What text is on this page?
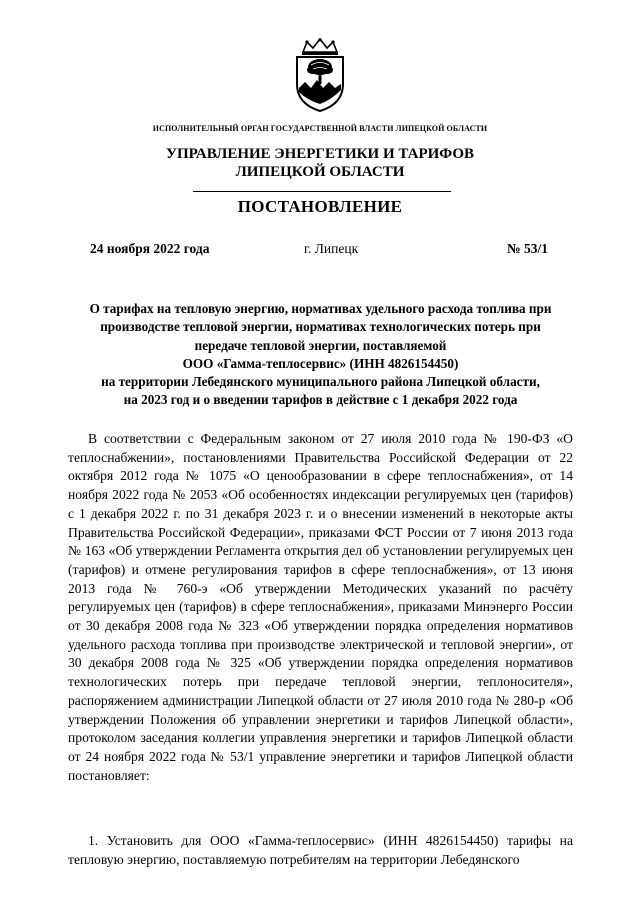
ИСПОЛНИТЕЛЬНЫЙ ОРГАН ГОСУДАРСТВЕННОЙ ВЛАСТИ ЛИПЕЦКОЙ ОБЛАСТИ
УПРАВЛЕНИЕ ЭНЕРГЕТИКИ И ТАРИФОВ
ЛИПЕЦКОЙ ОБЛАСТИ
ПОСТАНОВЛЕНИЕ
24 ноября 2022 года	г. Липецк	№ 53/1
О тарифах на тепловую энергию, нормативах удельного расхода топлива при
производстве тепловой энергии, нормативах технологических потерь при
передаче тепловой энергии, поставляемой
ООО «Гамма-теплосервис» (ИНН 4826154450)
на территории Лебедянского муниципального района Липецкой области,
на 2023 год и о введении тарифов в действие с 1 декабря 2022 года

В соответствии с Федеральным законом от 27 июля 2010 года № 190-ФЗ «О теплоснабжении», постановлениями Правительства Российской Федерации от 22 октября 2012 года № 1075 «О ценообразовании в сфере теплоснабжения», от 14 ноября 2022 года № 2053 «Об особенностях индексации регулируемых цен (тарифов) с 1 декабря 2022 г. по 31 декабря 2023 г. и о внесении изменений в некоторые акты Правительства Российской Федерации», приказами ФСТ России от 7 июня 2013 года № 163 «Об утверждении Регламента открытия дел об установлении регулируемых цен (тарифов) и отмене регулирования тарифов в сфере теплоснабжения», от 13 июня 2013 года № 760-э «Об утверждении Методических указаний по расчёту регулируемых цен (тарифов) в сфере теплоснабжения», приказами Минэнерго России от 30 декабря 2008 года № 323 «Об утверждении порядка определения нормативов удельного расхода топлива при производстве электрической и тепловой энергии», от 30 декабря 2008 года № 325 «Об утверждении порядка определения нормативов технологических потерь при передаче тепловой энергии, теплоносителя», распоряжением администрации Липецкой области от 27 июля 2010 года № 280-р «Об утверждении Положения об управлении энергетики и тарифов Липецкой области», протоколом заседания коллегии управления энергетики и тарифов Липецкой области от 24 ноября 2022 года № 53/1 управление энергетики и тарифов Липецкой области постановляет:

1. Установить для ООО «Гамма-теплосервис» (ИНН 4826154450) тарифы на тепловую энергию, поставляемую потребителям на территории Лебедянского
